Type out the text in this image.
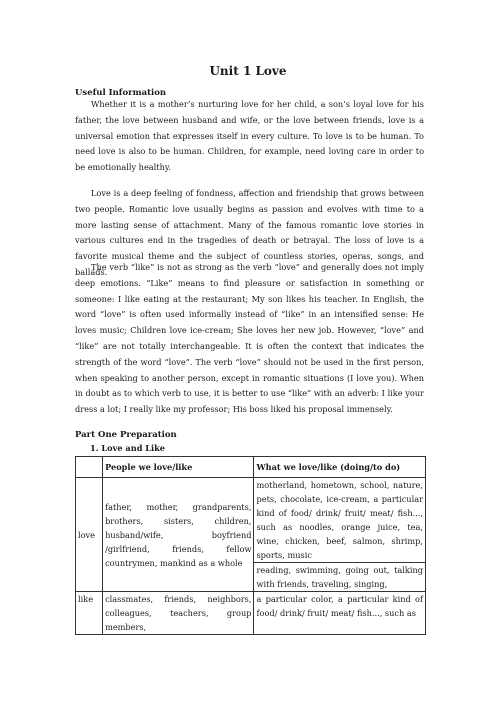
Unit 1 Love
Useful Information

Whether it is a mother’s nurturing love for her child, a son’s loyal love for his father, the love between husband and wife, or the love between friends, love is a universal emotion that expresses itself in every culture. To love is to be human. To need love is also to be human. Children, for example, need loving care in order to be emotionally healthy.

Love is a deep feeling of fondness, affection and friendship that grows between two people. Romantic love usually begins as passion and evolves with time to a more lasting sense of attachment. Many of the famous romantic love stories in various cultures end in the tragedies of death or betrayal. The loss of love is a favorite musical theme and the subject of countless stories, operas, songs, and ballads.

The verb “like” is not as strong as the verb “love” and generally does not imply deep emotions. “Like” means to find pleasure or satisfaction in something or someone: I like eating at the restaurant; My son likes his teacher. In English, the word “love” is often used informally instead of “like” in an intensified sense: He loves music; Children love ice-cream; She loves her new job. However, “love” and “like” are not totally interchangeable. It is often the context that indicates the strength of the word “love”. The verb “love” should not be used in the first person, when speaking to another person, except in romantic situations (I love you). When in doubt as to which verb to use, it is better to use “like” with an adverb: I like your dress a lot; I really like my professor; His boss liked his proposal immensely.

Part One Preparation
1. Love and Like
	People we love/like	What we love/like (doing/to do)
love	father, mother, grandparents, brothers, sisters, children, husband/wife, boyfriend /girlfriend, friends, fellow countrymen, mankind as a whole	motherland, hometown, school, nature, pets, chocolate, ice-cream, a particular kind of food/ drink/ fruit/ meat/ fish..., such as noodles, orange juice, tea, wine, chicken, beef, salmon, shrimp, sports, music
		reading, swimming, going out, talking with friends, traveling, singing,
like	classmates, friends, neighbors, colleagues, teachers, group members,	a particular color, a particular kind of food/ drink/ fruit/ meat/ fish..., such as
